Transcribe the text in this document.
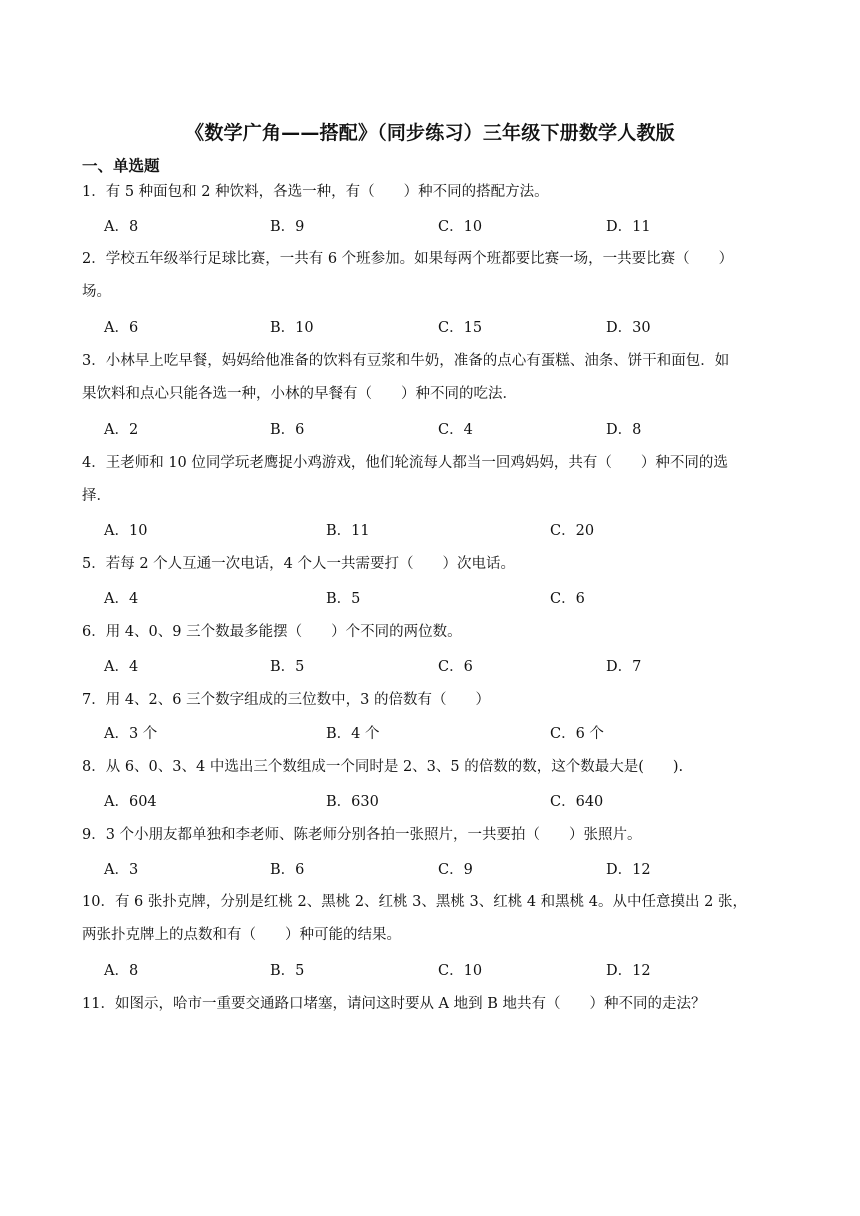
《数学广角——搭配》（同步练习）三年级下册数学人教版
一、单选题

1．有 5 种面包和 2 种饮料，各选一种，有（　　）种不同的搭配方法。

A．8	B．9	C．10	D．11

2．学校五年级举行足球比赛，一共有 6 个班参加。如果每两个班都要比赛一场，一共要比赛（　　）

场。

A．6	B．10	C．15	D．30

3．小林早上吃早餐，妈妈给他准备的饮料有豆浆和牛奶，准备的点心有蛋糕、油条、饼干和面包．如

果饮料和点心只能各选一种，小林的早餐有（　　）种不同的吃法．

A．2	B．6	C．4	D．8

4．王老师和 10 位同学玩老鹰捉小鸡游戏，他们轮流每人都当一回鸡妈妈，共有（　　）种不同的选

择．

A．10	B．11	C．20

5．若每 2 个人互通一次电话，4 个人一共需要打（　　）次电话。

A．4	B．5	C．6

6．用 4、0、9 三个数最多能摆（　　）个不同的两位数。

A．4	B．5	C．6	D．7

7．用 4、2、6 三个数字组成的三位数中，3 的倍数有（　　）

A．3 个	B．4 个	C．6 个

8．从 6、0、3、4 中选出三个数组成一个同时是 2、3、5 的倍数的数，这个数最大是(　　).

A．604	B．630	C．640

9．3 个小朋友都单独和李老师、陈老师分别各拍一张照片，一共要拍（　　）张照片。

A．3	B．6	C．9	D．12

10．有 6 张扑克牌，分别是红桃 2、黑桃 2、红桃 3、黑桃 3、红桃 4 和黑桃 4。从中任意摸出 2 张，

两张扑克牌上的点数和有（　　）种可能的结果。

A．8	B．5	C．10	D．12

11．如图示，哈市一重要交通路口堵塞，请问这时要从 A 地到 B 地共有（　　）种不同的走法？
